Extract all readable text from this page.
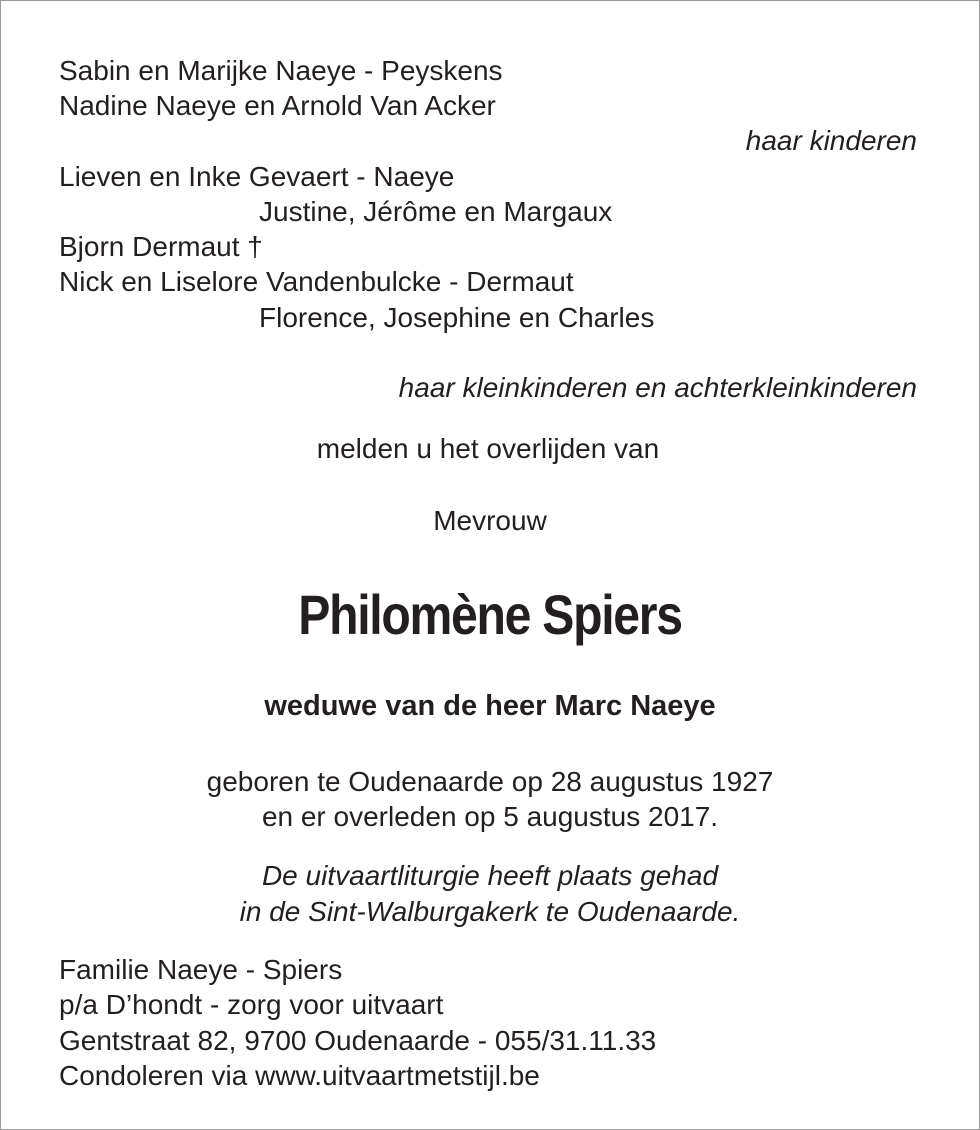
Sabin en Marijke Naeye - Peyskens
Nadine Naeye en Arnold Van Acker
haar kinderen
Lieven en Inke Gevaert - Naeye
Justine, Jérôme en Margaux
Bjorn Dermaut †
Nick en Liselore Vandenbulcke - Dermaut
Florence, Josephine en Charles
haar kleinkinderen en achterkleinkinderen
melden u het overlijden van
Mevrouw
Philomène Spiers
weduwe van de heer Marc Naeye
geboren te Oudenaarde op 28 augustus 1927
en er overleden op 5 augustus 2017.
De uitvaartliturgie heeft plaats gehad
in de Sint-Walburgakerk te Oudenaarde.
Familie Naeye - Spiers
p/a D’hondt - zorg voor uitvaart
Gentstraat 82, 9700 Oudenaarde - 055/31.11.33
Condoleren via www.uitvaartmetstijl.be
